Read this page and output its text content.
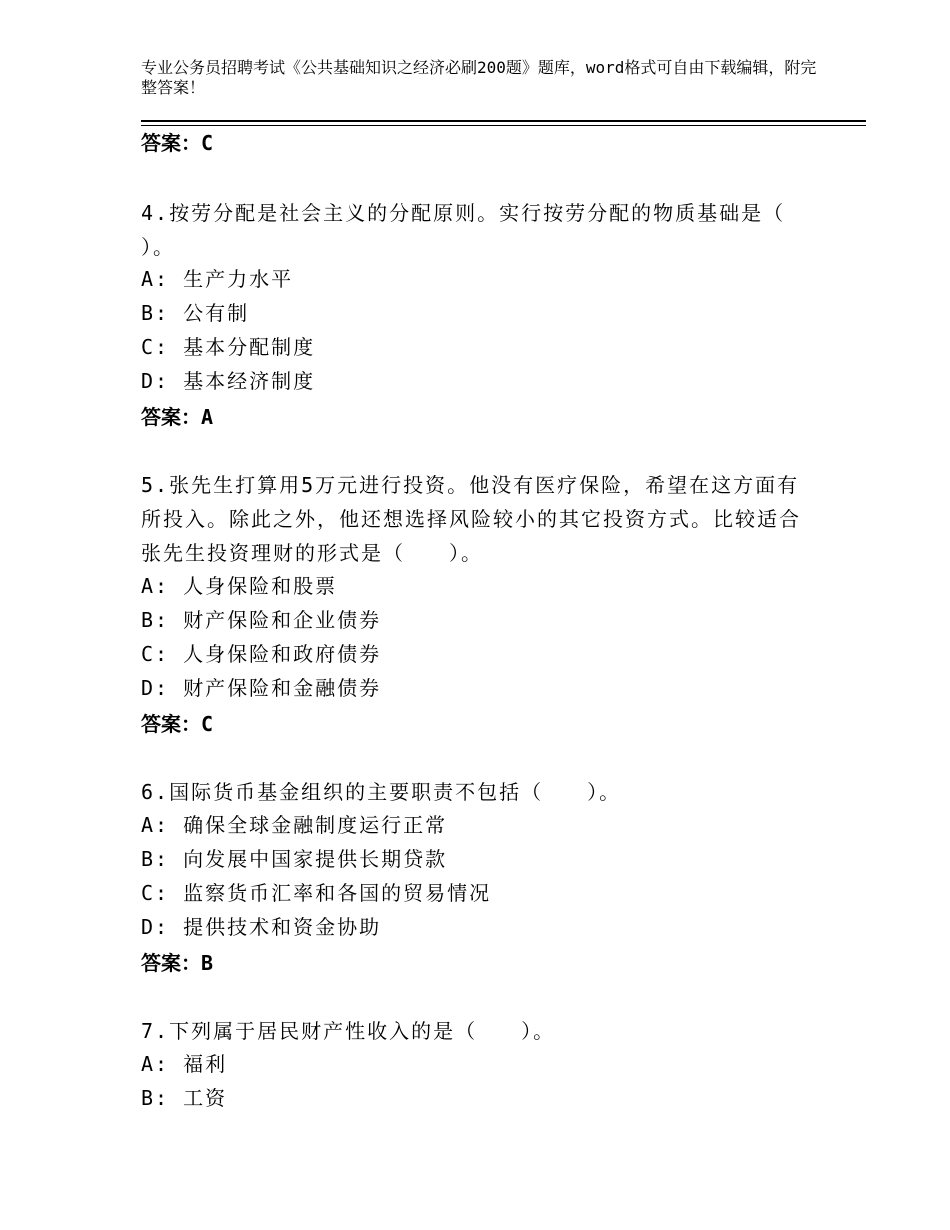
专业公务员招聘考试《公共基础知识之经济必刷200题》题库，word格式可自由下载编辑，附完整答案！
答案：C
4.按劳分配是社会主义的分配原则。实行按劳分配的物质基础是（ ）。
A: 生产力水平
B: 公有制
C: 基本分配制度
D: 基本经济制度
答案：A
5.张先生打算用5万元进行投资。他没有医疗保险，希望在这方面有所投入。除此之外，他还想选择风险较小的其它投资方式。比较适合张先生投资理财的形式是（　　）。
A: 人身保险和股票
B: 财产保险和企业债券
C: 人身保险和政府债券
D: 财产保险和金融债券
答案：C
6.国际货币基金组织的主要职责不包括（　　）。
A: 确保全球金融制度运行正常
B: 向发展中国家提供长期贷款
C: 监察货币汇率和各国的贸易情况
D: 提供技术和资金协助
答案：B
7.下列属于居民财产性收入的是（　　）。
A: 福利
B: 工资
